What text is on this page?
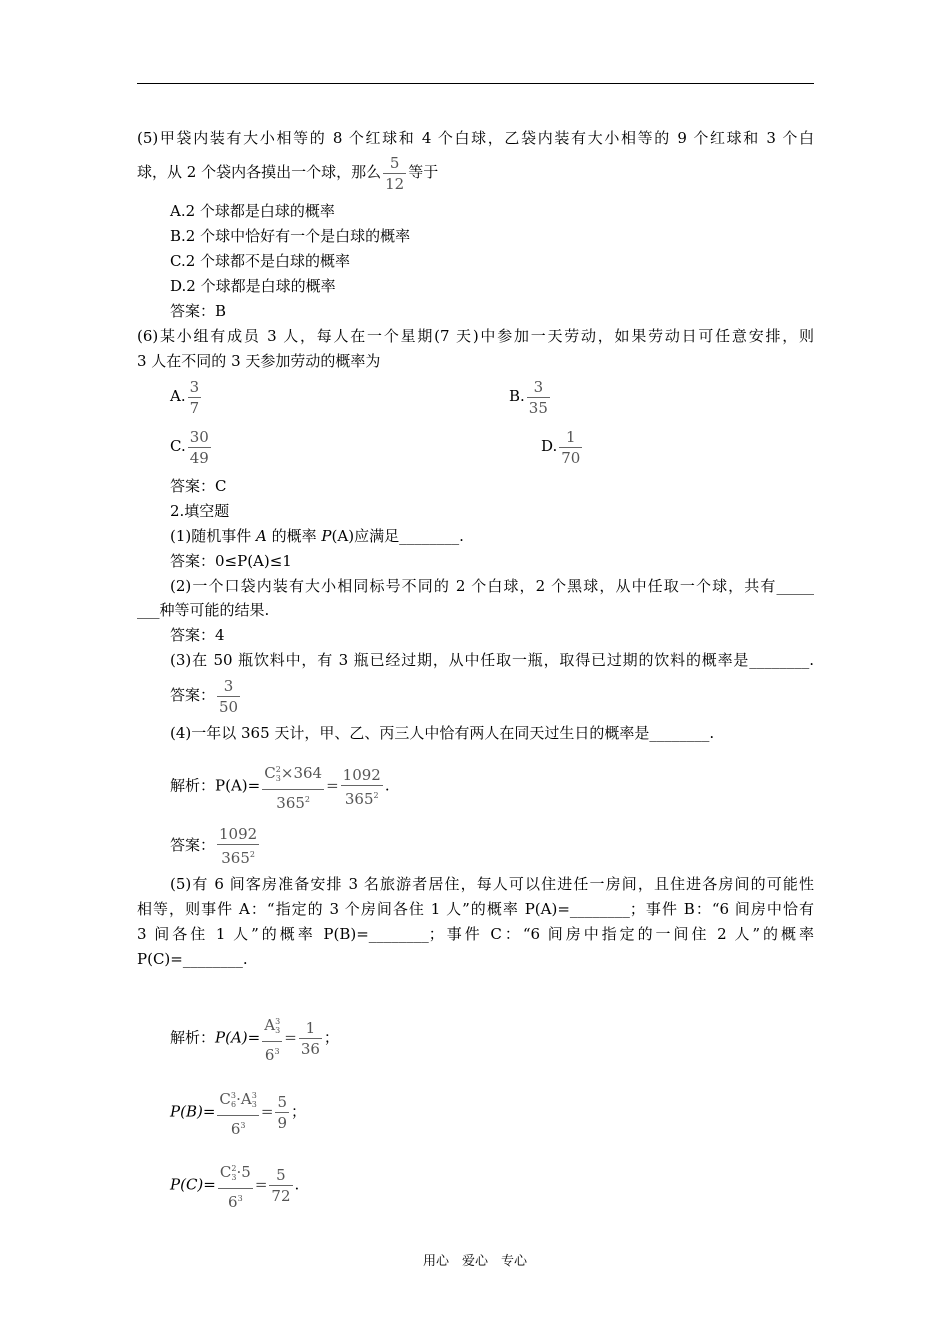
(5)甲袋内装有大小相等的 8 个红球和 4 个白球，乙袋内装有大小相等的 9 个红球和 3 个白
球，从 2 个袋内各摸出一个球，那么 $\frac{5}{12}$ 等于
A.2 个球都是白球的概率
B.2 个球中恰好有一个是白球的概率
C.2 个球都不是白球的概率
D.2 个球都是白球的概率
答案：B
(6)某小组有成员 3 人，每人在一个星期(7 天)中参加一天劳动，如果劳动日可任意安排，则
3 人在不同的 3 天参加劳动的概率为
A. $\frac{3}{7}$	B. $\frac{3}{35}$
C. $\frac{30}{49}$	D. $\frac{1}{70}$
答案：C
2.填空题
(1)随机事件 A 的概率 P(A)应满足________.
答案：0≤P(A)≤1
(2)一个口袋内装有大小相同标号不同的 2 个白球，2 个黑球，从中任取一个球，共有_____
___种等可能的结果.
答案：4
(3)在 50 瓶饮料中，有 3 瓶已经过期，从中任取一瓶，取得已过期的饮料的概率是________.
答案： $\frac{3}{50}$
(4)一年以 365 天计，甲、乙、丙三人中恰有两人在同天过生日的概率是________.
解析：$P(A)= \frac{C^2_3\times 364}{365^2} = \frac{1092}{365^2}$ .
答案： $\frac{1092}{365^2}$
(5)有 6 间客房准备安排 3 名旅游者居住，每人可以住进任一房间，且住进各房间的可能性
相等，则事件 A：“指定的 3 个房间各住 1 人”的概率 P(A)=________；事件 B：“6 间房中恰有
3 间各住 1 人”的概率 P(B)=________；事件 C：“6 间房中指定的一间住 2 人”的概率
P(C)=________.
解析：$P(A)= \frac{A^3_3}{6^3} = \frac{1}{36}$ ；
$P(B)= \frac{C^3_6\cdot A^3_3}{6^3} = \frac{5}{9}$ ；
$P(C)= \frac{C^2_3\cdot 5}{6^3} = \frac{5}{72}$ .
用心　爱心　专心
